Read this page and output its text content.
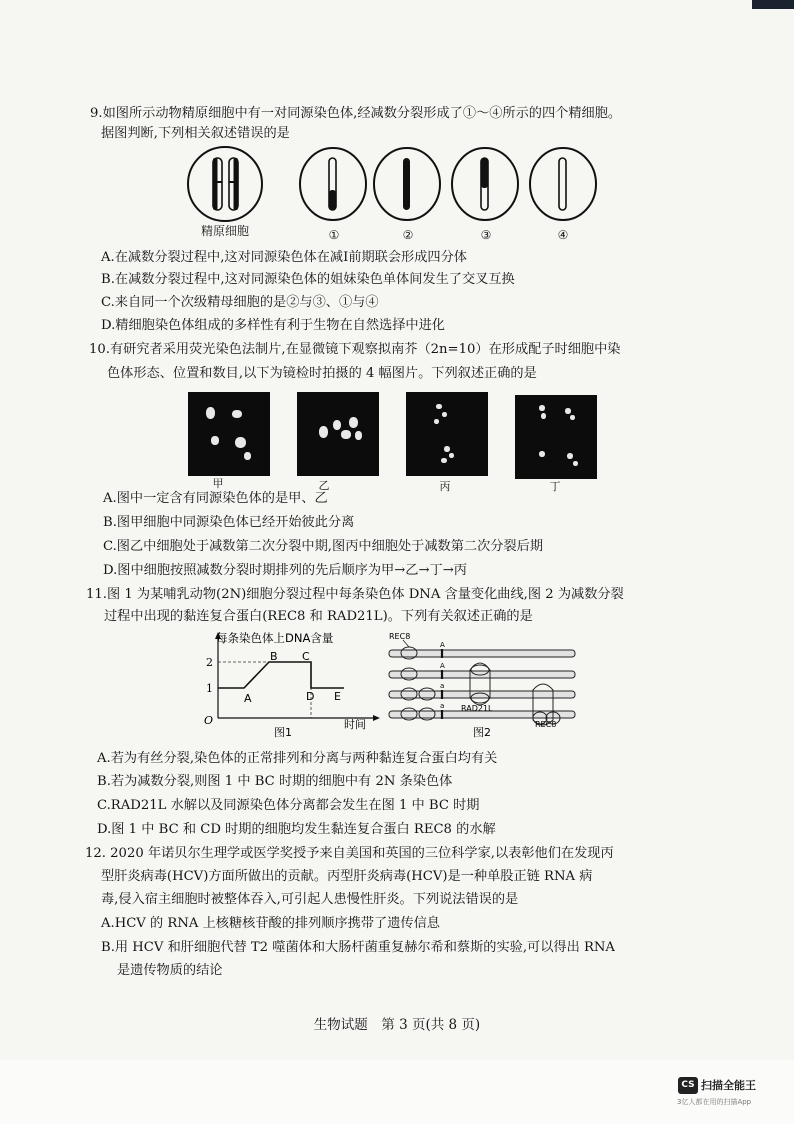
9.如图所示动物精原细胞中有一对同源染色体,经减数分裂形成了①～④所示的四个精细胞。
据图判断,下列相关叙述错误的是
精原细胞	①	②	③	④
A.在减数分裂过程中,这对同源染色体在减Ⅰ前期联会形成四分体
B.在减数分裂过程中,这对同源染色体的姐妹染色单体间发生了交叉互换
C.来自同一个次级精母细胞的是②与③、①与④
D.精细胞染色体组成的多样性有利于生物在自然选择中进化
10.有研究者采用荧光染色法制片,在显微镜下观察拟南芥（2n=10）在形成配子时细胞中染
色体形态、位置和数目,以下为镜检时拍摄的 4 幅图片。下列叙述正确的是
甲	乙	丙	丁
A.图中一定含有同源染色体的是甲、乙
B.图甲细胞中同源染色体已经开始彼此分离
C.图乙中细胞处于减数第二次分裂中期,图丙中细胞处于减数第二次分裂后期
D.图中细胞按照减数分裂时期排列的先后顺序为甲→乙→丁→丙
11.图 1 为某哺乳动物(2N)细胞分裂过程中每条染色体 DNA 含量变化曲线,图 2 为减数分裂
过程中出现的黏连复合蛋白(REC8 和 RAD21L)。下列有关叙述正确的是
每条染色体上DNA含量
2
1
O
A
B C
D E
时间
图1
REC8
A
A
a
a RAD21L
REC8
图2
A.若为有丝分裂,染色体的正常排列和分离与两种黏连复合蛋白均有关
B.若为减数分裂,则图 1 中 BC 时期的细胞中有 2N 条染色体
C.RAD21L 水解以及同源染色体分离都会发生在图 1 中 BC 时期
D.图 1 中 BC 和 CD 时期的细胞均发生黏连复合蛋白 REC8 的水解
12. 2020 年诺贝尔生理学或医学奖授予来自美国和英国的三位科学家,以表彰他们在发现丙
型肝炎病毒(HCV)方面所做出的贡献。丙型肝炎病毒(HCV)是一种单股正链 RNA 病
毒,侵入宿主细胞时被整体吞入,可引起人患慢性肝炎。下列说法错误的是
A.HCV 的 RNA 上核糖核苷酸的排列顺序携带了遗传信息
B.用 HCV 和肝细胞代替 T2 噬菌体和大肠杆菌重复赫尔希和蔡斯的实验,可以得出 RNA
是遗传物质的结论
生物试题　第 3 页(共 8 页)
CS 扫描全能王
3亿人都在用的扫描App
